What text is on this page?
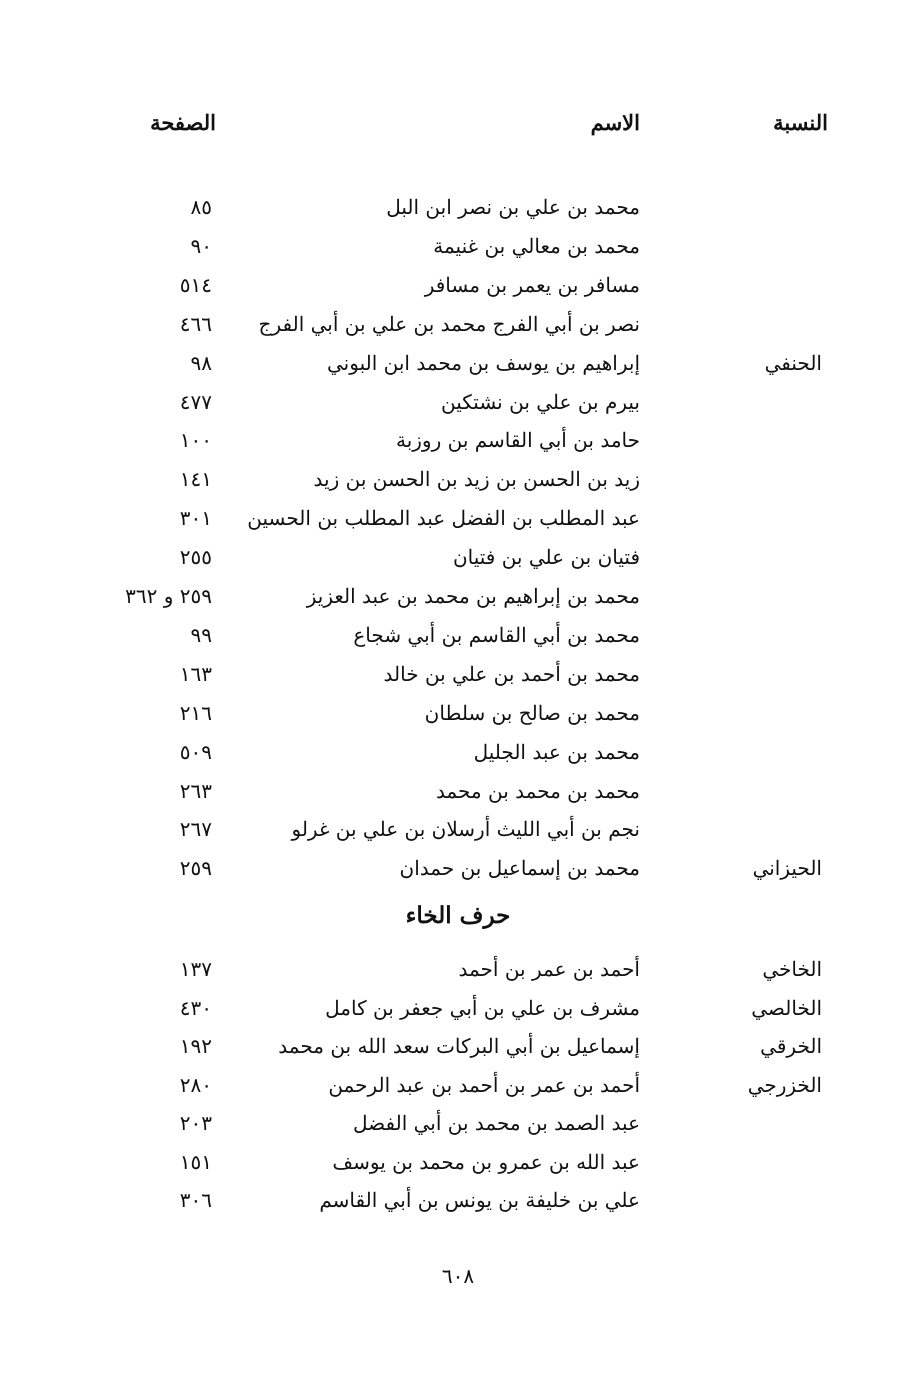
النسبة
الاسم
الصفحة
محمد بن علي بن نصر ابن البل
٨٥
محمد بن معالي بن غنيمة
٩٠
مسافر بن يعمر بن مسافر
٥١٤
نصر بن أبي الفرج محمد بن علي بن أبي الفرج
٤٦٦
الحنفي
إبراهيم بن يوسف بن محمد ابن البوني
٩٨
بيرم بن علي بن نشتكين
٤٧٧
حامد بن أبي القاسم بن روزبة
١٠٠
زيد بن الحسن بن زيد بن الحسن بن زيد
١٤١
عبد المطلب بن الفضل عبد المطلب بن الحسين
٣٠١
فتيان بن علي بن فتيان
٢٥٥
محمد بن إبراهيم بن محمد بن عبد العزيز
٢٥٩ و ٣٦٢
محمد بن أبي القاسم بن أبي شجاع
٩٩
محمد بن أحمد بن علي بن خالد
١٦٣
محمد بن صالح بن سلطان
٢١٦
محمد بن عبد الجليل
٥٠٩
محمد بن محمد بن محمد
٢٦٣
نجم بن أبي الليث أرسلان بن علي بن غرلو
٢٦٧
الحيزاني
محمد بن إسماعيل بن حمدان
٢٥٩
حرف الخاء
الخاخي
أحمد بن عمر بن أحمد
١٣٧
الخالصي
مشرف بن علي بن أبي جعفر بن كامل
٤٣٠
الخرقي
إسماعيل بن أبي البركات سعد الله بن محمد
١٩٢
الخزرجي
أحمد بن عمر بن أحمد بن عبد الرحمن
٢٨٠
عبد الصمد بن محمد بن أبي الفضل
٢٠٣
عبد الله بن عمرو بن محمد بن يوسف
١٥١
علي بن خليفة بن يونس بن أبي القاسم
٣٠٦
٦٠٨
